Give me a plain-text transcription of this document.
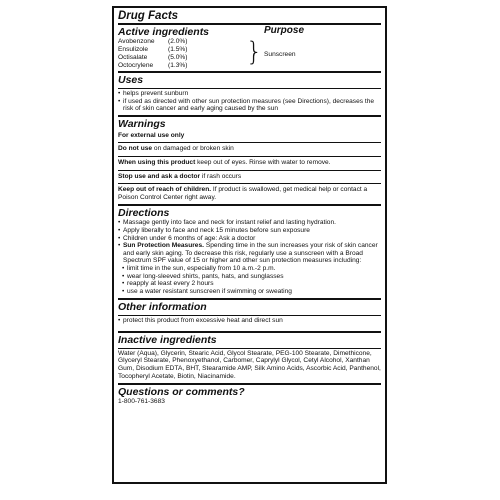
Drug Facts
Active ingredients
Avobenzone (2.0%)
Ensulizole	(1.5%)
Octisalate	(5.0%)
Octocrylene (1.3%) }
Purpose
Sunscreen
Uses
• helps prevent sunburn
• if used as directed with other sun protection measures (see Directions), decreases the risk of skin cancer and early aging caused by the sun
Warnings
For external use only
Do not use on damaged or broken skin
When using this product keep out of eyes. Rinse with water to remove.
Stop use and ask a doctor if rash occurs
Keep out of reach of children. If product is swallowed, get medical help or contact a Poison Control Center right away.
Directions
• Massage gently into face and neck for instant relief and lasting hydration.
• Apply liberally to face and neck 15 minutes before sun exposure
• Children under 6 months of age: Ask a doctor
• Sun Protection Measures. Spending time in the sun increases your risk of skin cancer and early skin aging. To decrease this risk, regularly use a sunscreen with a Broad Spectrum SPF value of 15 or higher and other sun protection measures including:
• limit time in the sun, especially from 10 a.m.-2 p.m.
• wear long-sleeved shirts, pants, hats, and sunglasses
• reapply at least every 2 hours
• use a water resistant sunscreen if swimming or sweating
Other information
• protect this product from excessive heat and direct sun
Inactive ingredients
Water (Aqua), Glycerin, Stearic Acid, Glycol Stearate, PEG-100 Stearate, Dimethicone, Glyceryl Stearate, Phenoxyethanol, Carbomer, Caprylyl Glycol, Cetyl Alcohol, Xanthan Gum, Disodium EDTA, BHT, Stearamide AMP, Silk Amino Acids, Ascorbic Acid, Panthenol, Tocopheryl Acetate, Biotin, Niacinamide.
Questions or comments?
1-800-761-3683
